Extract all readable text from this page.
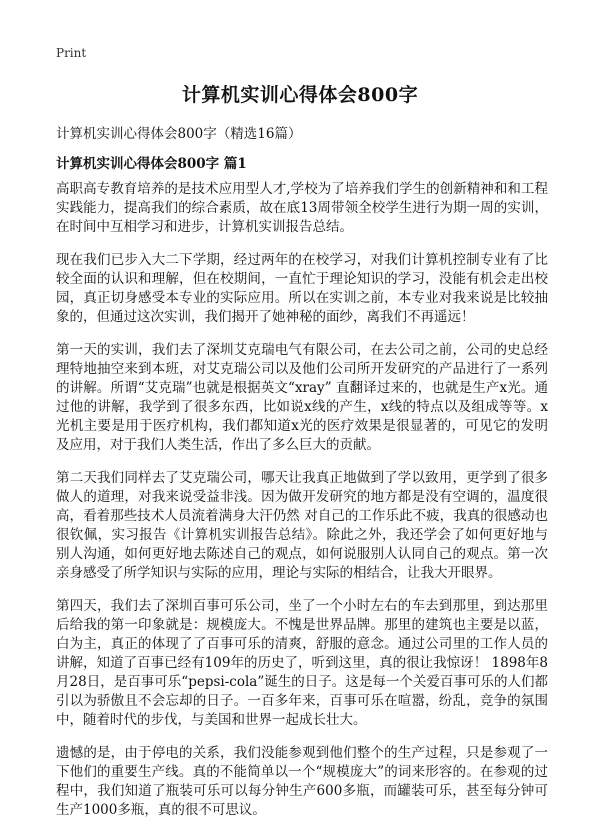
Print
计算机实训心得体会800字
计算机实训心得体会800字（精选16篇）
计算机实训心得体会800字 篇1

高职高专教育培养的是技术应用型人才,学校为了培养我们学生的创新精神和和工程实践能力，提高我们的综合素质，故在底13周带领全校学生进行为期一周的实训，在时间中互相学习和进步，计算机实训报告总结。

现在我们已步入大二下学期，经过两年的在校学习，对我们计算机控制专业有了比较全面的认识和理解，但在校期间，一直忙于理论知识的学习，没能有机会走出校园，真正切身感受本专业的实际应用。所以在实训之前，本专业对我来说是比较抽象的，但通过这次实训，我们揭开了她神秘的面纱，离我们不再遥远！

第一天的实训，我们去了深圳艾克瑞电气有限公司，在去公司之前，公司的史总经理特地抽空来到本班，对艾克瑞公司以及他们公司所开发研究的产品进行了一系列的讲解。所谓“艾克瑞”也就是根据英文“xray” 直翻译过来的，也就是生产x光。通过他的讲解，我学到了很多东西，比如说x线的产生，x线的特点以及组成等等。x光机主要是用于医疗机构，我们都知道x光的医疗效果是很显著的，可见它的发明及应用，对于我们人类生活，作出了多么巨大的贡献。

第二天我们同样去了艾克瑞公司，哪天让我真正地做到了学以致用，更学到了很多做人的道理，对我来说受益非浅。因为做开发研究的地方都是没有空调的，温度很高，看着那些技术人员流着满身大汗仍然 对自己的工作乐此不疲，我真的很感动也很钦佩，实习报告《计算机实训报告总结》。除此之外，我还学会了如何更好地与别人沟通，如何更好地去陈述自己的观点，如何说服别人认同自己的观点。第一次亲身感受了所学知识与实际的应用，理论与实际的相结合，让我大开眼界。

第四天，我们去了深圳百事可乐公司，坐了一个小时左右的车去到那里，到达那里后给我的第一印象就是：规模庞大。不愧是世界品牌。那里的建筑也主要是以蓝，白为主，真正的体现了了百事可乐的清爽，舒服的意念。通过公司里的工作人员的讲解，知道了百事已经有109年的历史了，听到这里，真的很让我惊讶！ 1898年8月28日，是百事可乐“pepsi-cola”诞生的日子。这是每一个关爱百事可乐的人们都引以为骄傲且不会忘却的日子。一百多年来，百事可乐在喧嚣，纷乱，竞争的氛围中，随着时代的步伐，与美国和世界一起成长壮大。

遗憾的是，由于停电的关系，我们没能参观到他们整个的生产过程，只是参观了一下他们的重要生产线。真的不能简单以一个“规模庞大”的词来形容的。在参观的过程中，我们知道了瓶装可乐可以每分钟生产600多瓶，而罐装可乐，甚至每分钟可生产1000多瓶，真的很不可思议。
